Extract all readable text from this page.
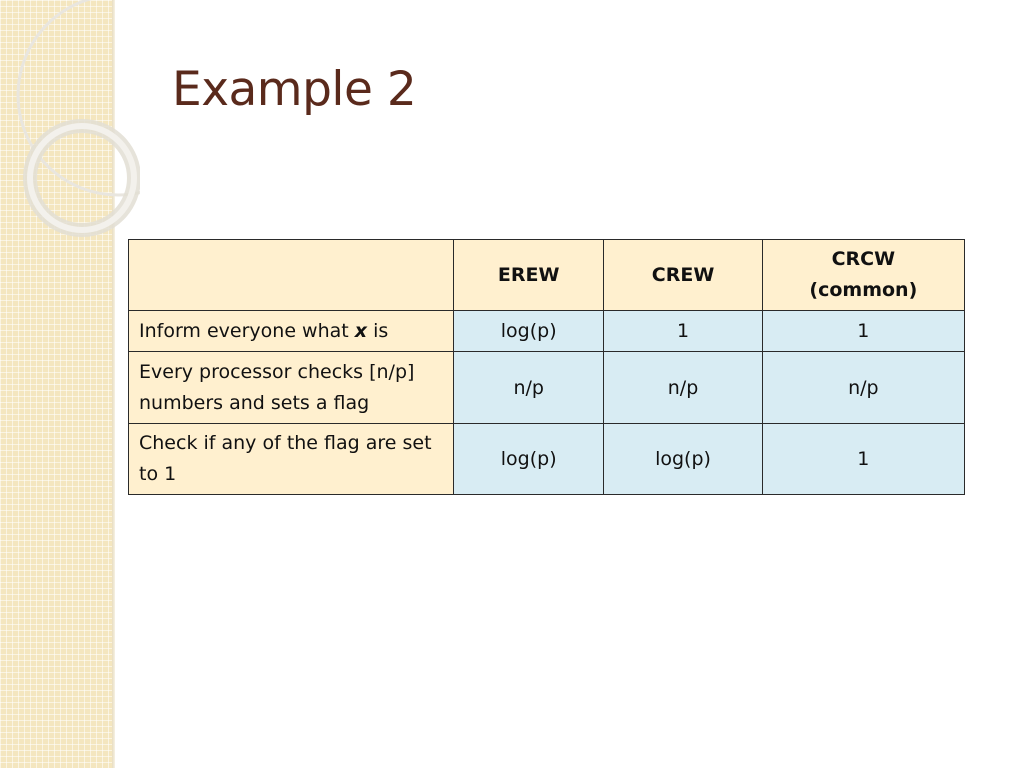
Example 2
	EREW	CREW	CRCW
(common)

Inform everyone what x is	log(p)	1	1
Every processor checks [n/p] numbers and sets a flag	n/p	n/p	n/p
Check if any of the flag are set to 1	log(p)	log(p)	1
